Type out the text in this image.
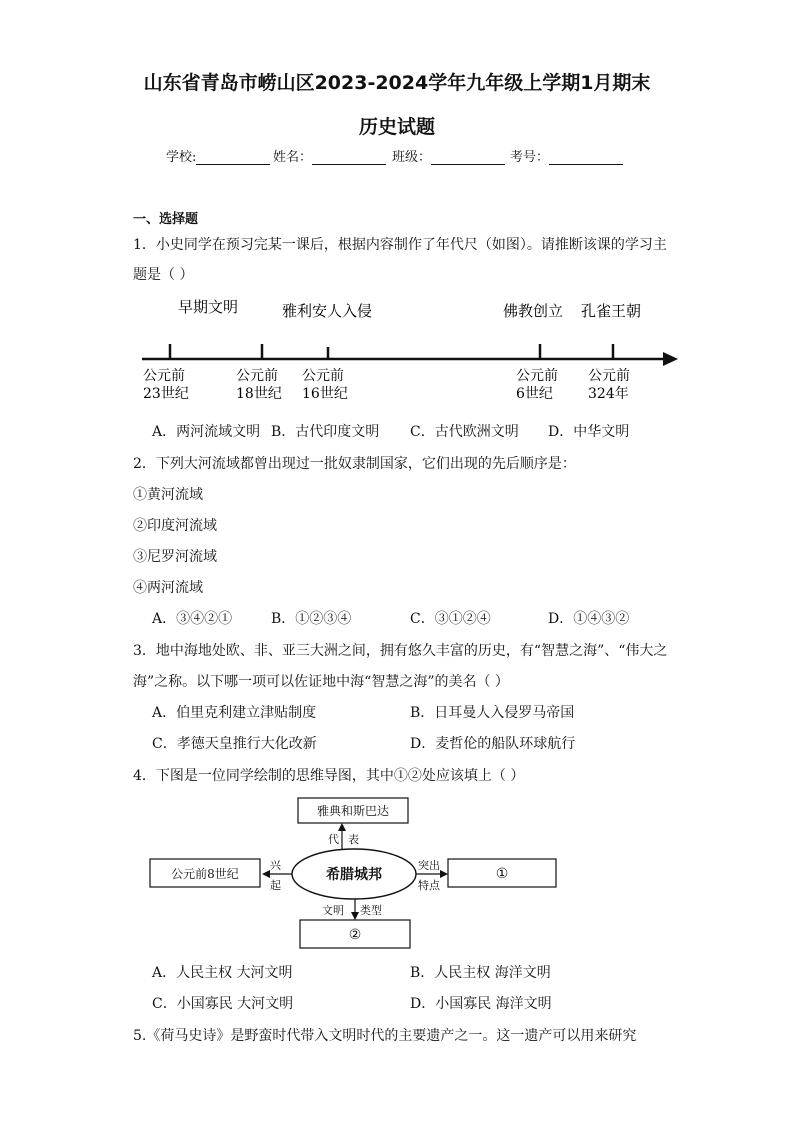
山东省青岛市崂山区2023-2024学年九年级上学期1月期末
历史试题
学校:	姓名：	班级：	考号：
一、选择题
1．小史同学在预习完某一课后，根据内容制作了年代尺（如图）。请推断该课的学习主
题是（ ）
早期文明	雅利安人入侵	佛教创立 孔雀王朝
公元前
23世纪
公元前
18世纪
公元前
16世纪
公元前
6世纪
公元前
324年
A．两河流域文明 B．古代印度文明 C．古代欧洲文明 D．中华文明
2．下列大河流域都曾出现过一批奴隶制国家，它们出现的先后顺序是：
①黄河流域
②印度河流域
③尼罗河流域
④两河流域
A．③④②①	B．①②③④	C．③①②④	D．①④③②
3．地中海地处欧、非、亚三大洲之间，拥有悠久丰富的历史，有“智慧之海”、“伟大之
海”之称。以下哪一项可以佐证地中海“智慧之海”的美名（ ）
A．伯里克利建立津贴制度	B．日耳曼人入侵罗马帝国
C．孝德天皇推行大化改新	D．麦哲伦的船队环球航行
4．下图是一位同学绘制的思维导图，其中①②处应该填上（ ）
雅典和斯巴达
公元前8世纪	①
②
希腊城邦
代 表
兴
起
突出
特点
文明 类型
A．人民主权 大河文明	B．人民主权 海洋文明
C．小国寡民 大河文明	D．小国寡民 海洋文明
5.《荷马史诗》是野蛮时代带入文明时代的主要遗产之一。这一遗产可以用来研究
